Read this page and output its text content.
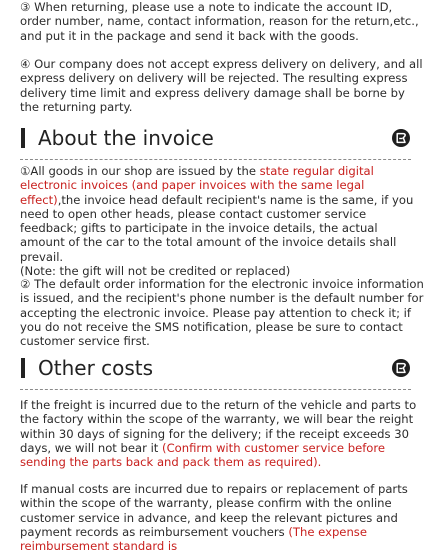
③ When returning, please use a note to indicate the account ID, order number, name, contact information, reason for the return,etc., and put it in the package and send it back with the goods.

④ Our company does not accept express delivery on delivery, and all express delivery on delivery will be rejected. The resulting express delivery time limit and express delivery damage shall be borne by the returning party.

About the invoice

①All goods in our shop are issued by the state regular digital electronic invoices (and paper invoices with the same legal effect),the invoice head default recipient's name is the same, if you need to open other heads, please contact customer service feedback; gifts to participate in the invoice details, the actual amount of the car to the total amount of the invoice details shall prevail.
(Note: the gift will not be credited or replaced)

② The default order information for the electronic invoice information is issued, and the recipient's phone number is the default number for accepting the electronic invoice. Please pay attention to check it; if you do not receive the SMS notification, please be sure to contact customer service first.

Other costs

If the freight is incurred due to the return of the vehicle and parts to the factory within the scope of the warranty, we will bear the reight within 30 days of signing for the delivery; if the receipt exceeds 30 days, we will not bear it (Confirm with customer service before sending the parts back and pack them as required).

If manual costs are incurred due to repairs or replacement of parts within the scope of the warranty, please confirm with the online customer service in advance, and keep the relevant pictures and payment records as reimbursement vouchers (The expense reimbursement standard is
